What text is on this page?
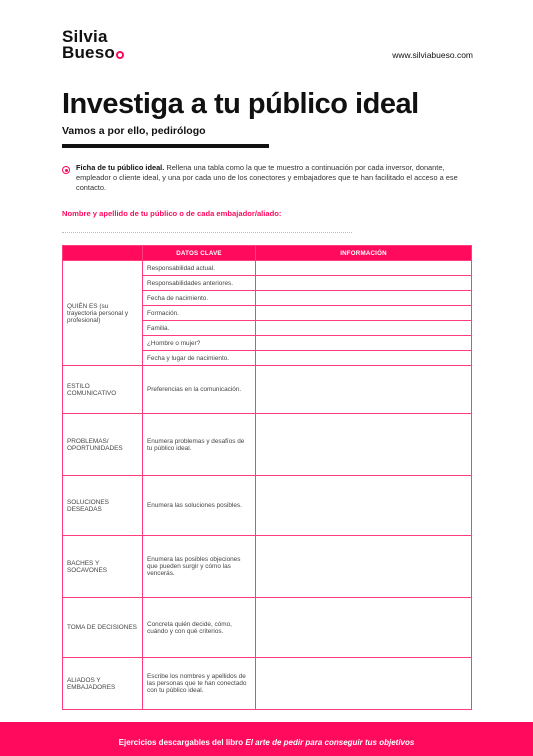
Silvia
Bueso	www.silviabueso.com
Investiga a tu público ideal
Vamos a por ello, pedirólogo
Ficha de tu público ideal. Rellena una tabla como la que te muestro a continuación por cada inversor, donante, empleador o cliente ideal, y una por cada uno de los conectores y embajadores que te han facilitado el acceso a ese contacto.
Nombre y apellido de tu público o de cada embajador/aliado:
	DATOS CLAVE	INFORMACIÓN
QUIÉN ES (su trayectoria personal y profesional)	Responsabilidad actual.	
	Responsabilidades anteriores.	
	Fecha de nacimiento.	
	Formación.	
	Familia.	
	¿Hombre o mujer?	
	Fecha y lugar de nacimiento.	
ESTILO COMUNICATIVO	Preferencias en la comunicación.	
PROBLEMAS/ OPORTUNIDADES	Enumera problemas y desafíos de tu público ideal.	
SOLUCIONES DESEADAS	Enumera las soluciones posibles.	
BACHES Y SOCAVONES	Enumera las posibles objeciones que pueden surgir y cómo las vencerás.	
TOMA DE DECISIONES	Concreta quién decide, cómo, cuándo y con qué criterios.	
ALIADOS Y EMBAJADORES	Escribe los nombres y apellidos de las personas que te han conectado con tu público ideal.	
Ejercicios descargables del libro El arte de pedir para conseguir tus objetivos
